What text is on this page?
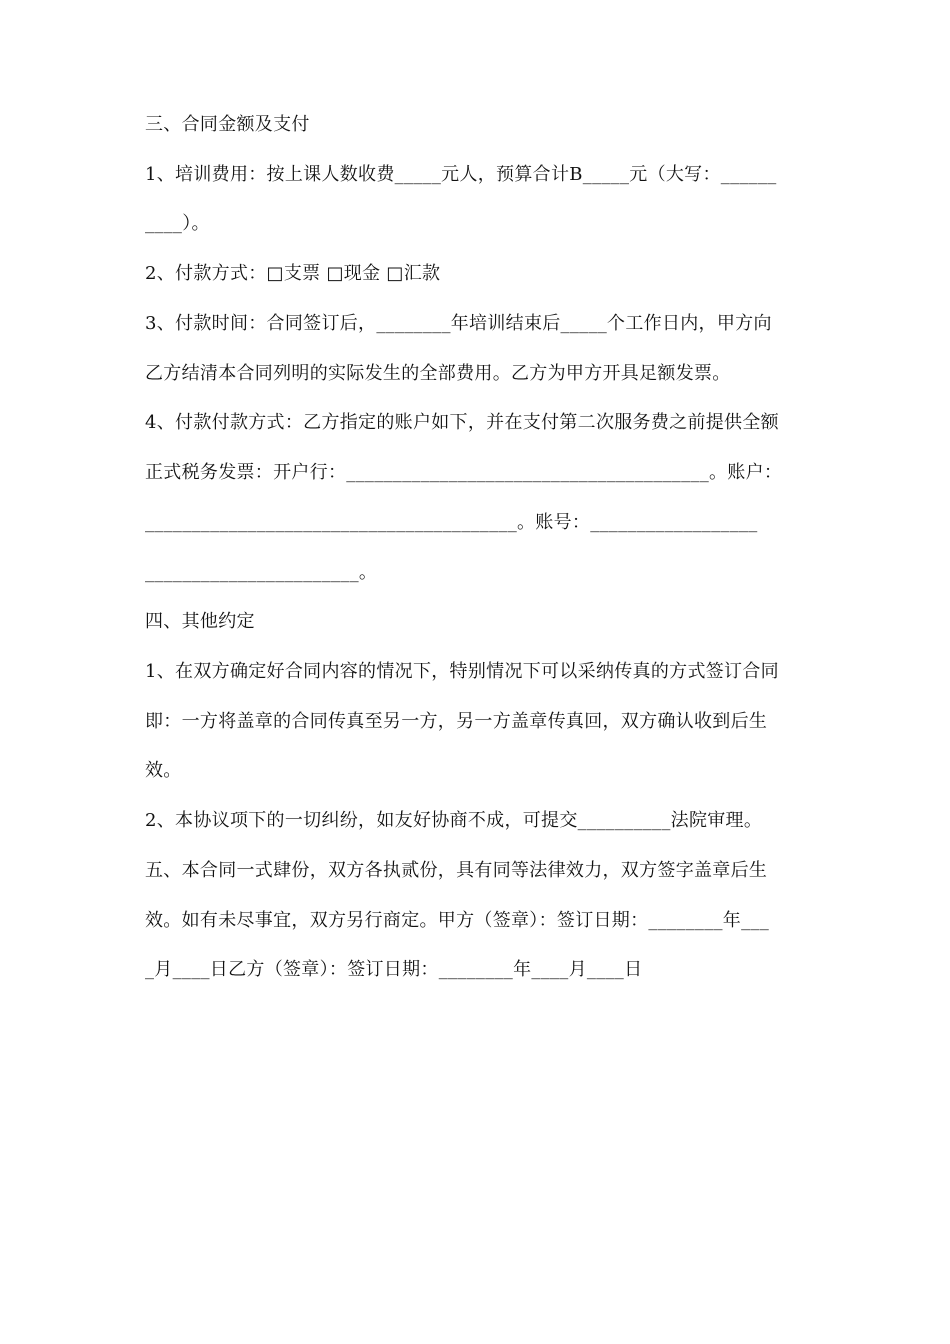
三、合同金额及支付
1、培训费用：按上课人数收费_____元人，预算合计B_____元（大写：______
____）。
2、付款方式：□支票 □现金 □汇款
3、付款时间：合同签订后，________年培训结束后_____个工作日内，甲方向
乙方结清本合同列明的实际发生的全部费用。乙方为甲方开具足额发票。
4、付款付款方式：乙方指定的账户如下，并在支付第二次服务费之前提供全额
正式税务发票：开户行：_______________________________________。账户：
________________________________________。账号：__________________
_______________________。
四、其他约定
1、在双方确定好合同内容的情况下，特别情况下可以采纳传真的方式签订合同
即：一方将盖章的合同传真至另一方，另一方盖章传真回，双方确认收到后生
效。
2、本协议项下的一切纠纷，如友好协商不成，可提交__________法院审理。
五、本合同一式肆份，双方各执贰份，具有同等法律效力，双方签字盖章后生
效。如有未尽事宜，双方另行商定。甲方（签章）：签订日期：________年___
_月____日乙方（签章）：签订日期：________年____月____日
